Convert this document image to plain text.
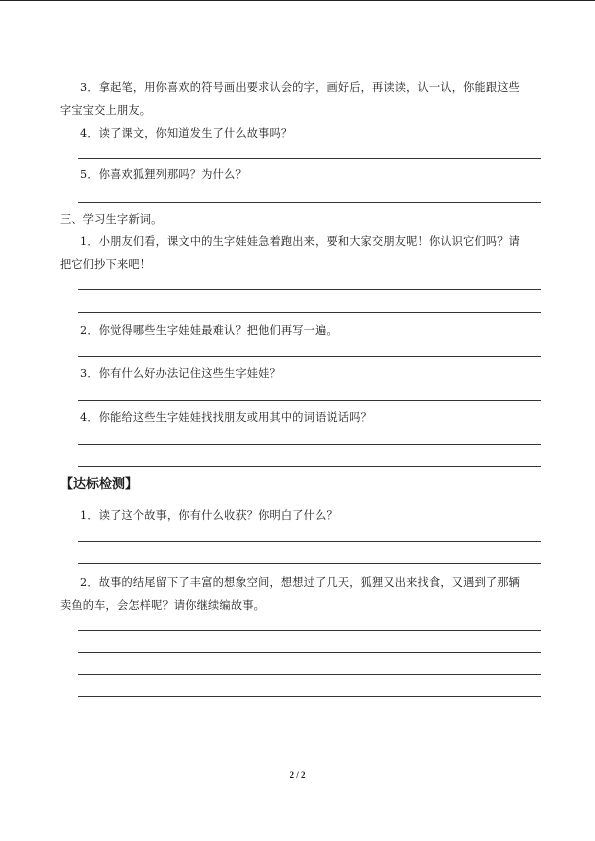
3．拿起笔，用你喜欢的符号画出要求认会的字，画好后，再读读，认一认，你能跟这些
字宝宝交上朋友。
4．读了课文，你知道发生了什么故事吗？
5．你喜欢狐狸列那吗？为什么？
三、学习生字新词。
1．小朋友们看，课文中的生字娃娃急着跑出来，要和大家交朋友呢！你认识它们吗？请
把它们抄下来吧！
2．你觉得哪些生字娃娃最难认？把他们再写一遍。
3．你有什么好办法记住这些生字娃娃？
4．你能给这些生字娃娃找找朋友或用其中的词语说话吗？
【达标检测】
1．读了这个故事，你有什么收获？你明白了什么？
2．故事的结尾留下了丰富的想象空间，想想过了几天，狐狸又出来找食，又遇到了那辆
卖鱼的车，会怎样呢？请你继续编故事。
2 / 2
